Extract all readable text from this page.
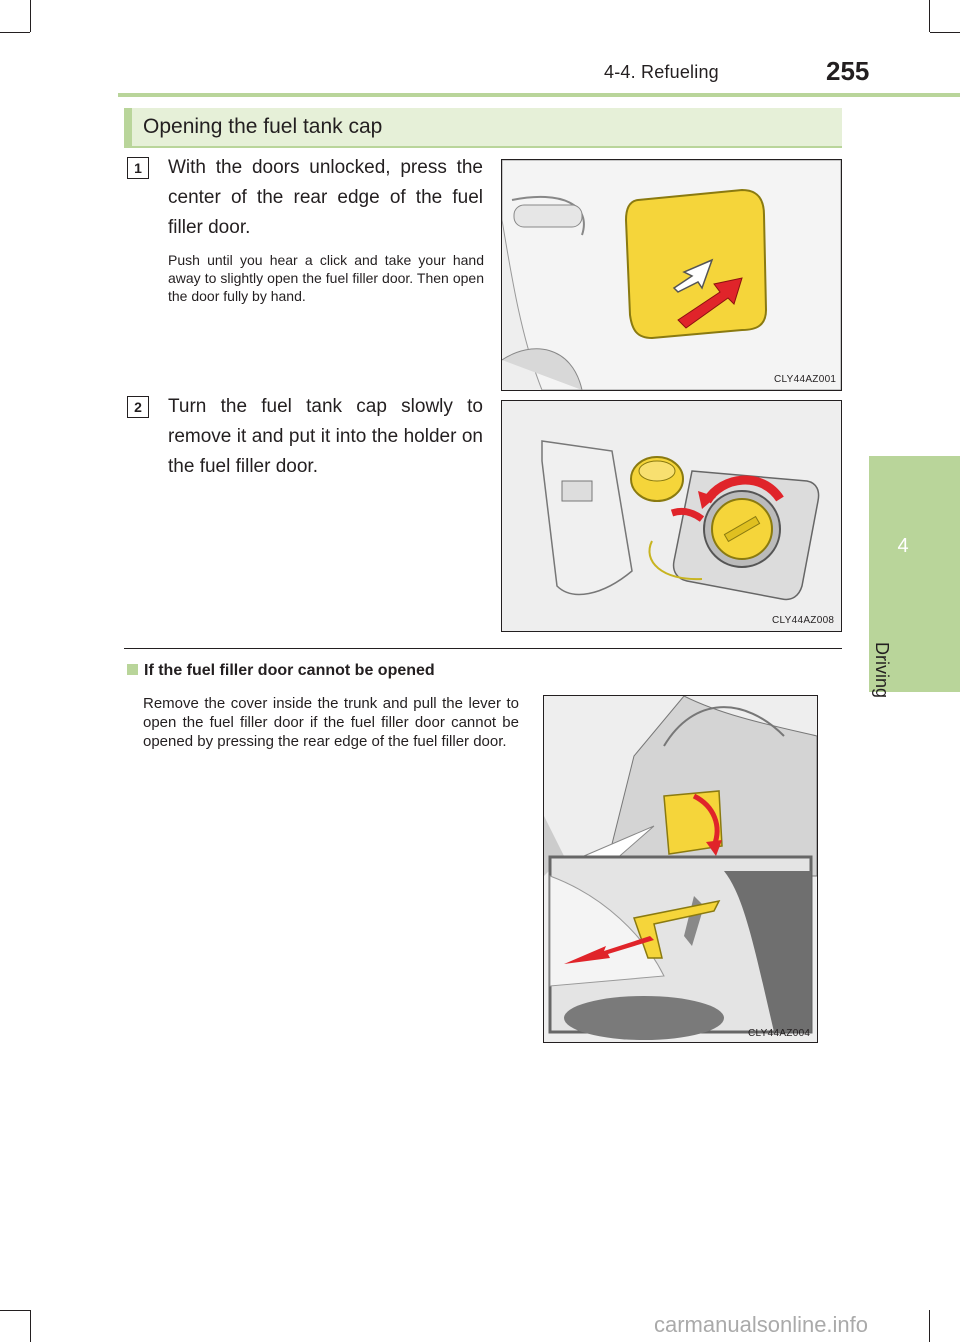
4-4. Refueling	255
4
Driving
Opening the fuel tank cap
1	With the doors unlocked, press the center of the rear edge of the fuel filler door.
Push until you hear a click and take your hand away to slightly open the fuel filler door. Then open the door fully by hand.
CLY44AZ001
2	Turn the fuel tank cap slowly to remove it and put it into the holder on the fuel filler door.
CLY44AZ008
If the fuel filler door cannot be opened
Remove the cover inside the trunk and pull the lever to open the fuel filler door if the fuel filler door cannot be opened by pressing the rear edge of the fuel filler door.
CLY44AZ004
carmanualsonline.info
